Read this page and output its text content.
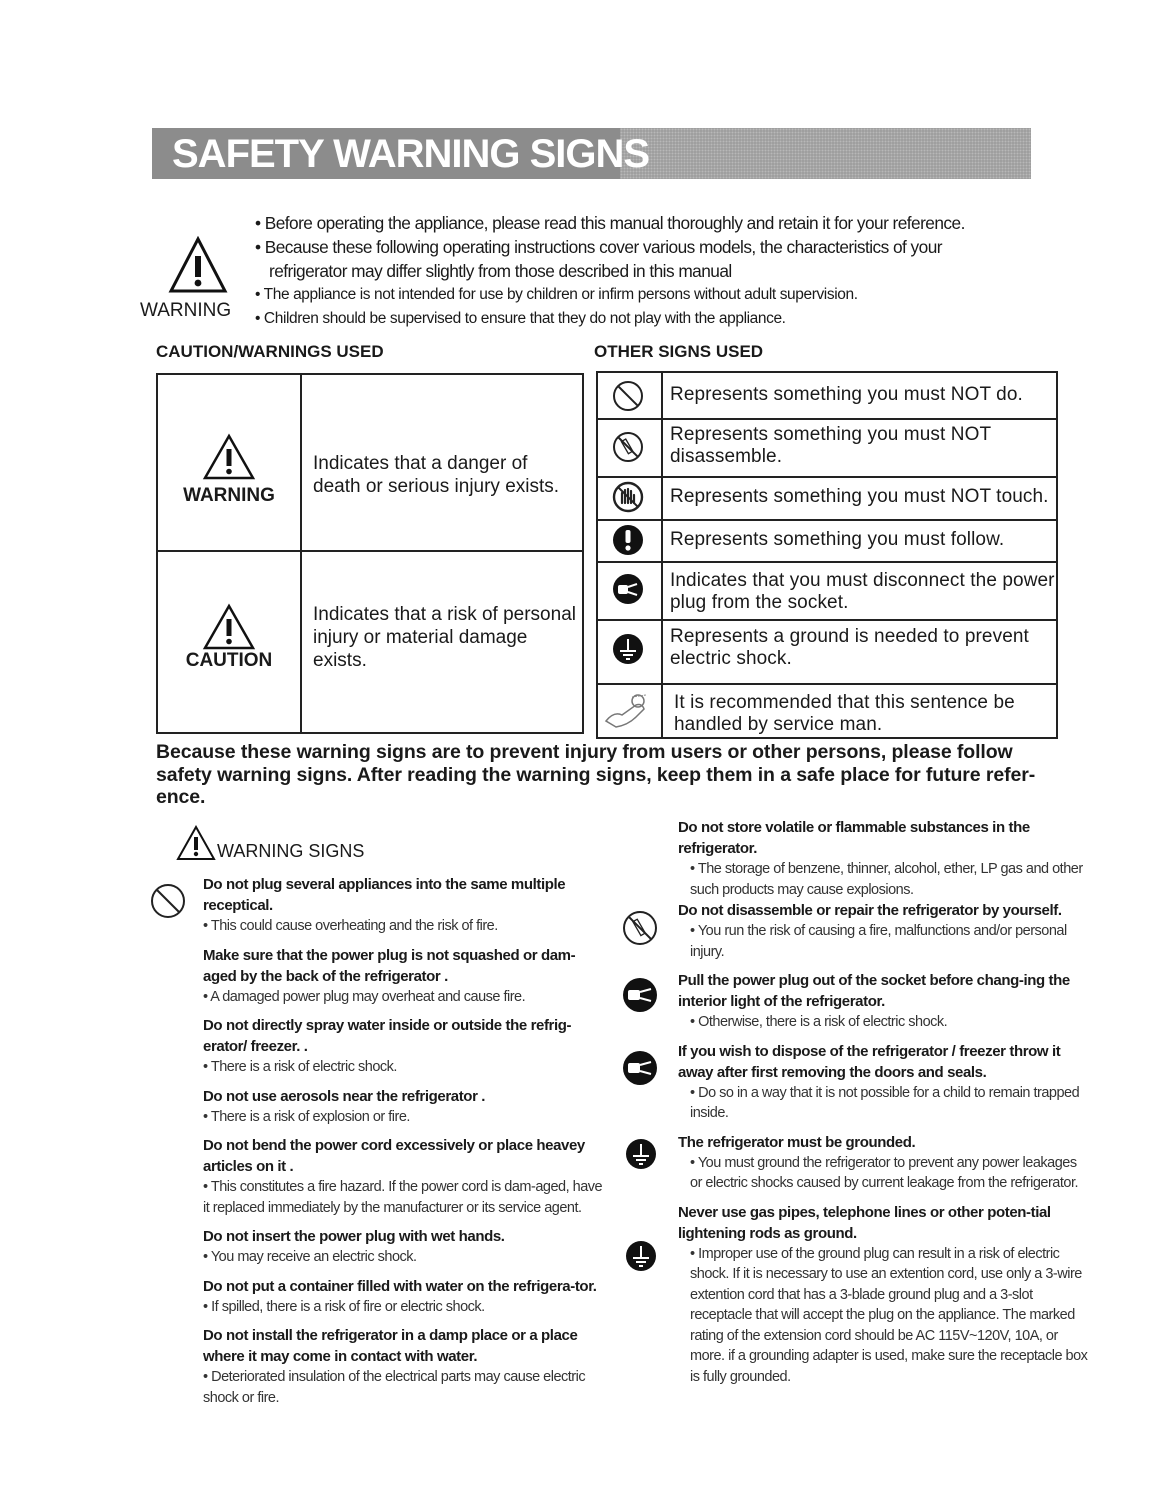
SAFETY WARNING SIGNS
WARNING
• Before operating the appliance, please read this manual thoroughly and retain it for your reference.
• Because these following operating instructions cover various models, the characteristics of your
refrigerator may differ slightly from those described in this manual
• The appliance is not intended for use by children or infirm persons without adult supervision.
• Children should be supervised to ensure that they do not play with the appliance.
CAUTION/WARNINGS USED	OTHER SIGNS USED
WARNING
Indicates that a danger of death or serious injury exists.
CAUTION
Indicates that a risk of personal injury or material damage exists.
Represents something you must NOT do.
Represents something you must NOT disassemble.
Represents something you must NOT touch.
Represents something you must follow.
Indicates that you must disconnect the power plug from the socket.
Represents a ground is needed to prevent electric shock.
It is recommended that this sentence be handled by service man.
Because these warning signs are to prevent injury from users or other persons, please follow safety warning signs. After reading the warning signs, keep them in a safe place for future refer-ence.
WARNING SIGNS
Do not plug several appliances into the same multiple receptical.
• This could cause overheating and the risk of fire.
Make sure that the power plug is not squashed or dam-aged by the back of the refrigerator .
• A damaged power plug may overheat and cause fire.
Do not directly spray water inside or outside the refrig-erator/ freezer. .
• There is a risk of electric shock.
Do not use aerosols near the refrigerator .
• There is a risk of explosion or fire.
Do not bend the power cord excessively or place heavey articles on it .
• This constitutes a fire hazard. If the power cord is dam-aged, have it replaced immediately by the manufacturer or its service agent.
Do not insert the power plug with wet hands.
• You may receive an electric shock.
Do not put a container filled with water on the refrigera-tor.
• If spilled, there is a risk of fire or electric shock.
Do not install the refrigerator in a damp place or a place where it may come in contact with water.
• Deteriorated insulation of the electrical parts may cause electric shock or fire.
Do not store volatile or flammable substances in the refrigerator.
• The storage of benzene, thinner, alcohol, ether, LP gas and other such products may cause explosions.
Do not disassemble or repair the refrigerator by yourself.
• You run the risk of causing a fire, malfunctions and/or personal injury.
Pull the power plug out of the socket before chang-ing the interior light of the refrigerator.
• Otherwise, there is a risk of electric shock.
If you wish to dispose of the refrigerator / freezer throw it away after first removing the doors and seals.
• Do so in a way that it is not possible for a child to remain trapped inside.
The refrigerator must be grounded.
• You must ground the refrigerator to prevent any power leakages or electric shocks caused by current leakage from the refrigerator.
Never use gas pipes, telephone lines or other poten-tial lightening rods as ground.
• Improper use of the ground plug can result in a risk of electric shock. If it is necessary to use an extention cord, use only a 3-wire extention cord that has a 3-blade ground plug and a 3-slot receptacle that will accept the plug on the appliance. The marked rating of the extension cord should be AC 115V~120V, 10A, or more. if a grounding adapter is used, make sure the receptacle box is fully grounded.
